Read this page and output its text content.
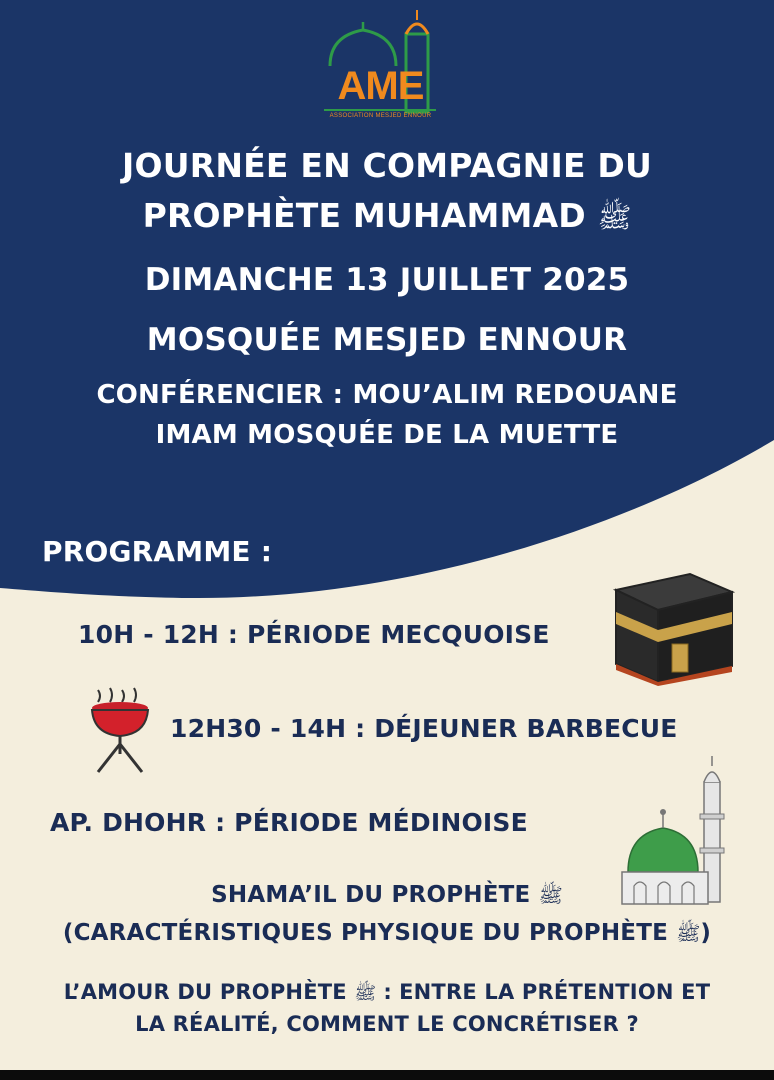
AME
ASSOCIATION MESJED ENNOUR
JOURNÉE EN COMPAGNIE DU
PROPHÈTE MUHAMMAD ﷺ
DIMANCHE 13 JUILLET 2025
MOSQUÉE MESJED ENNOUR
CONFÉRENCIER : MOU’ALIM REDOUANE
IMAM MOSQUÉE DE LA MUETTE
PROGRAMME :
10H - 12H : PÉRIODE MECQUOISE
12H30 - 14H : DÉJEUNER BARBECUE
AP. DHOHR : PÉRIODE MÉDINOISE
SHAMA’IL DU PROPHÈTE ﷺ
(CARACTÉRISTIQUES PHYSIQUE DU PROPHÈTE ﷺ)
L’AMOUR DU PROPHÈTE ﷺ : ENTRE LA PRÉTENTION ET
LA RÉALITÉ, COMMENT LE CONCRÉTISER ?
